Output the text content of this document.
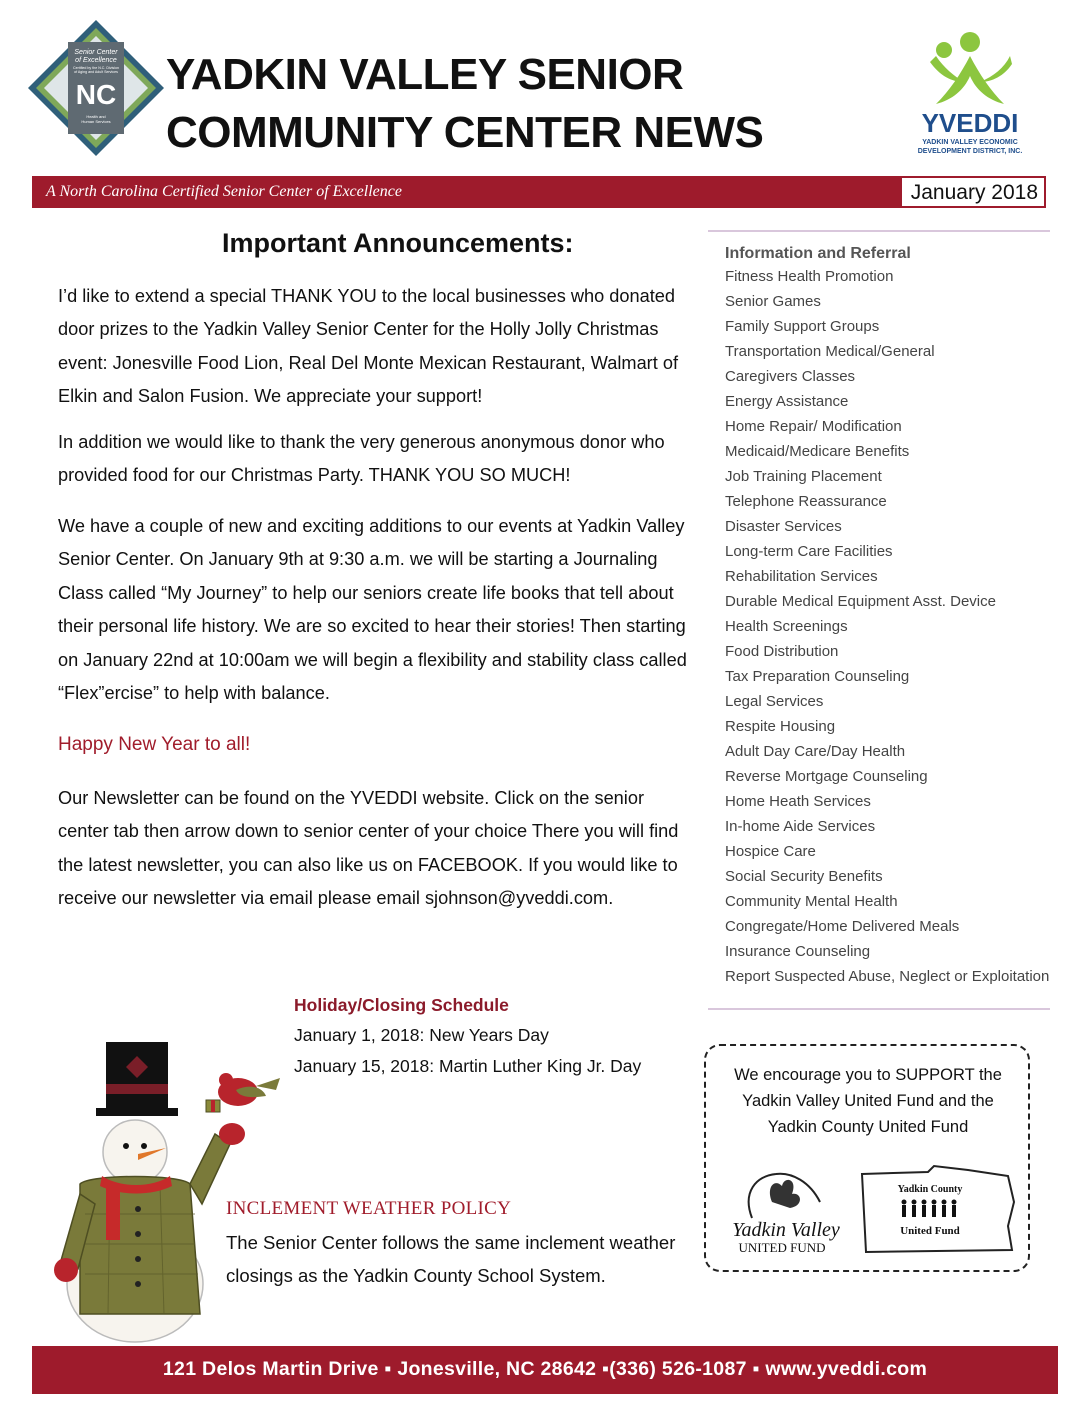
Senior Center
of Excellence
Certified by the N.C. Division
of Aging and Adult Services
NC
Health and
Human Services
YADKIN VALLEY SENIOR
COMMUNITY CENTER NEWS	YVEDDI
YADKIN VALLEY ECONOMIC
DEVELOPMENT DISTRICT, INC.
A North Carolina Certified Senior Center of Excellence	January 2018
Important Announcements:
I’d like to extend a special THANK YOU to the local businesses who donated door prizes to the Yadkin Valley Senior Center for the Holly Jolly Christmas event: Jonesville Food Lion, Real Del Monte Mexican Restaurant, Walmart of Elkin and Salon Fusion. We appreciate your support!
In addition we would like to thank the very generous anonymous donor who provided food for our Christmas Party. THANK YOU SO MUCH!
We have a couple of new and exciting additions to our events at Yadkin Valley Senior Center. On January 9th at 9:30 a.m. we will be starting a Journaling Class called “My Journey” to help our seniors create life books that tell about their personal life history. We are so excited to hear their stories! Then starting on January 22nd at 10:00am we will begin a flexibility and stability class called “Flex”ercise” to help with balance.
Happy New Year to all!
Our Newsletter can be found on the YVEDDI website. Click on the senior center tab then arrow down to senior center of your choice There you will find the latest newsletter, you can also like us on FACEBOOK. If you would like to receive our newsletter via email please email sjohnson@yveddi.com.
Holiday/Closing Schedule
January 1, 2018: New Years Day
January 15, 2018: Martin Luther King Jr. Day
INCLEMENT WEATHER POLICY
The Senior Center follows the same inclement weather closings as the Yadkin County School System.
Information and Referral
Fitness Health Promotion
Senior Games
Family Support Groups
Transportation Medical/General
Caregivers Classes
Energy Assistance
Home Repair/ Modification
Medicaid/Medicare Benefits
Job Training Placement
Telephone Reassurance
Disaster Services
Long-term Care Facilities
Rehabilitation Services
Durable Medical Equipment Asst. Device
Health Screenings
Food Distribution
Tax Preparation Counseling
Legal Services
Respite Housing
Adult Day Care/Day Health
Reverse Mortgage Counseling
Home Heath Services
In-home Aide Services
Hospice Care
Social Security Benefits
Community Mental Health
Congregate/Home Delivered Meals
Insurance Counseling
Report Suspected Abuse, Neglect or Exploitation
We encourage you to SUPPORT the
Yadkin Valley United Fund and the
Yadkin County United Fund
Yadkin Valley
UNITED FUND
Yadkin County
United Fund
121 Delos Martin Drive ▪ Jonesville, NC 28642 ▪(336) 526-1087 ▪ www.yveddi.com
